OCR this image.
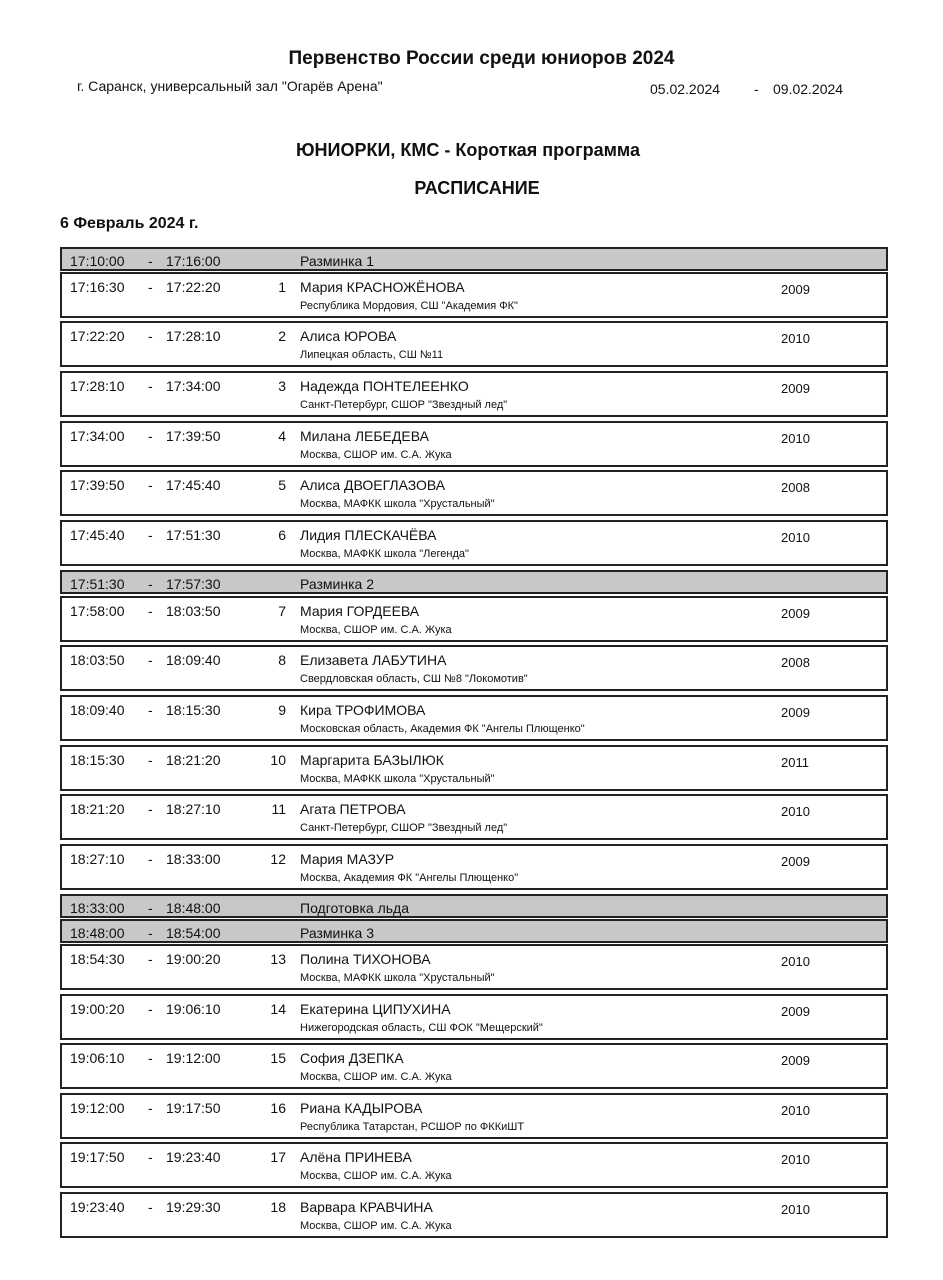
Первенство России среди юниоров 2024
г. Саранск, универсальный зал "Огарёв Арена"	05.02.2024 - 09.02.2024
ЮНИОРКИ, КМС - Короткая программа
РАСПИСАНИЕ
6 Февраль 2024 г.
17:10:00 - 17:16:00	Разминка 1
17:16:30 - 17:22:20	1 Мария КРАСНОЖЁНОВА
Республика Мордовия, СШ "Академия ФК"
2009
17:22:20 - 17:28:10	2 Алиса ЮРОВА
Липецкая область, СШ №11
2010
17:28:10 - 17:34:00	3 Надежда ПОНТЕЛЕЕНКО
Санкт-Петербург, СШОР "Звездный лед"
2009
17:34:00 - 17:39:50	4 Милана ЛЕБЕДЕВА
Москва, СШОР им. С.А. Жука
2010
17:39:50 - 17:45:40	5 Алиса ДВОЕГЛАЗОВА
Москва, МАФКК школа "Хрустальный"
2008
17:45:40 - 17:51:30	6 Лидия ПЛЕСКАЧЁВА
Москва, МАФКК школа "Легенда"
2010
17:51:30 - 17:57:30	Разминка 2
17:58:00 - 18:03:50	7 Мария ГОРДЕЕВА
Москва, СШОР им. С.А. Жука
2009
18:03:50 - 18:09:40	8 Елизавета ЛАБУТИНА
Свердловская область, СШ №8 "Локомотив"
2008
18:09:40 - 18:15:30	9 Кира ТРОФИМОВА
Московская область, Академия ФК "Ангелы Плющенко"
2009
18:15:30 - 18:21:20	10 Маргарита БАЗЫЛЮК
Москва, МАФКК школа "Хрустальный"
2011
18:21:20 - 18:27:10	11 Агата ПЕТРОВА
Санкт-Петербург, СШОР "Звездный лед"
2010
18:27:10 - 18:33:00	12 Мария МАЗУР
Москва, Академия ФК "Ангелы Плющенко"
2009
18:33:00 - 18:48:00	Подготовка льда
18:48:00 - 18:54:00	Разминка 3
18:54:30 - 19:00:20	13 Полина ТИХОНОВА
Москва, МАФКК школа "Хрустальный"
2010
19:00:20 - 19:06:10	14 Екатерина ЦИПУХИНА
Нижегородская область, СШ ФОК "Мещерский"
2009
19:06:10 - 19:12:00	15 София ДЗЕПКА
Москва, СШОР им. С.А. Жука
2009
19:12:00 - 19:17:50	16 Риана КАДЫРОВА
Республика Татарстан, РСШОР по ФККиШТ
2010
19:17:50 - 19:23:40	17 Алёна ПРИНЕВА
Москва, СШОР им. С.А. Жука
2010
19:23:40 - 19:29:30	18 Варвара КРАВЧИНА
Москва, СШОР им. С.А. Жука
2010
